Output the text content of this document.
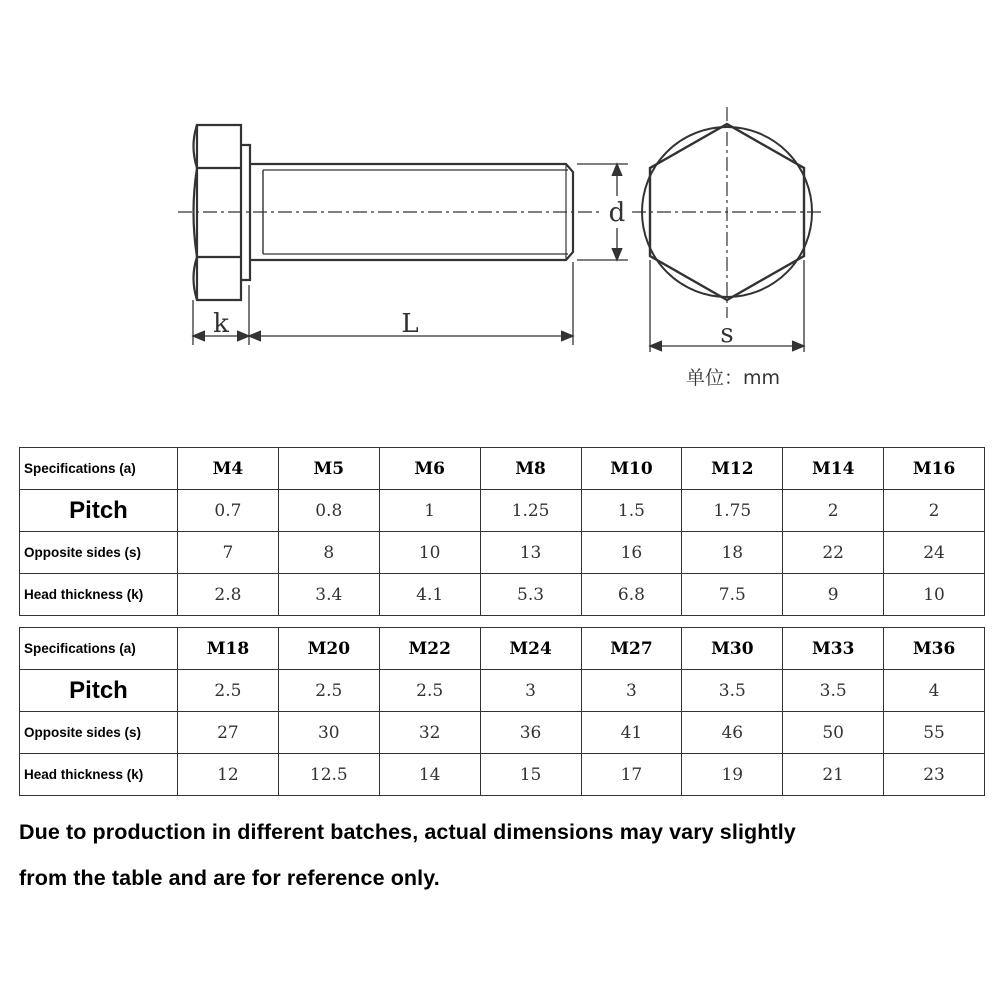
k	L
d
s
单位：mm
Specifications (a)	M4	M5	M6	M8	M10	M12	M14	M16
Pitch	0.7	0.8	1	1.25	1.5	1.75	2	2
Opposite sides (s)	7	8	10	13	16	18	22	24
Head thickness (k)	2.8	3.4	4.1	5.3	6.8	7.5	9	10
Specifications (a)	M18	M20	M22	M24	M27	M30	M33	M36
Pitch	2.5	2.5	2.5	3	3	3.5	3.5	4
Opposite sides (s)	27	30	32	36	41	46	50	55
Head thickness (k)	12	12.5	14	15	17	19	21	23
Due to production in different batches, actual dimensions may vary slightly
from the table and are for reference only.
